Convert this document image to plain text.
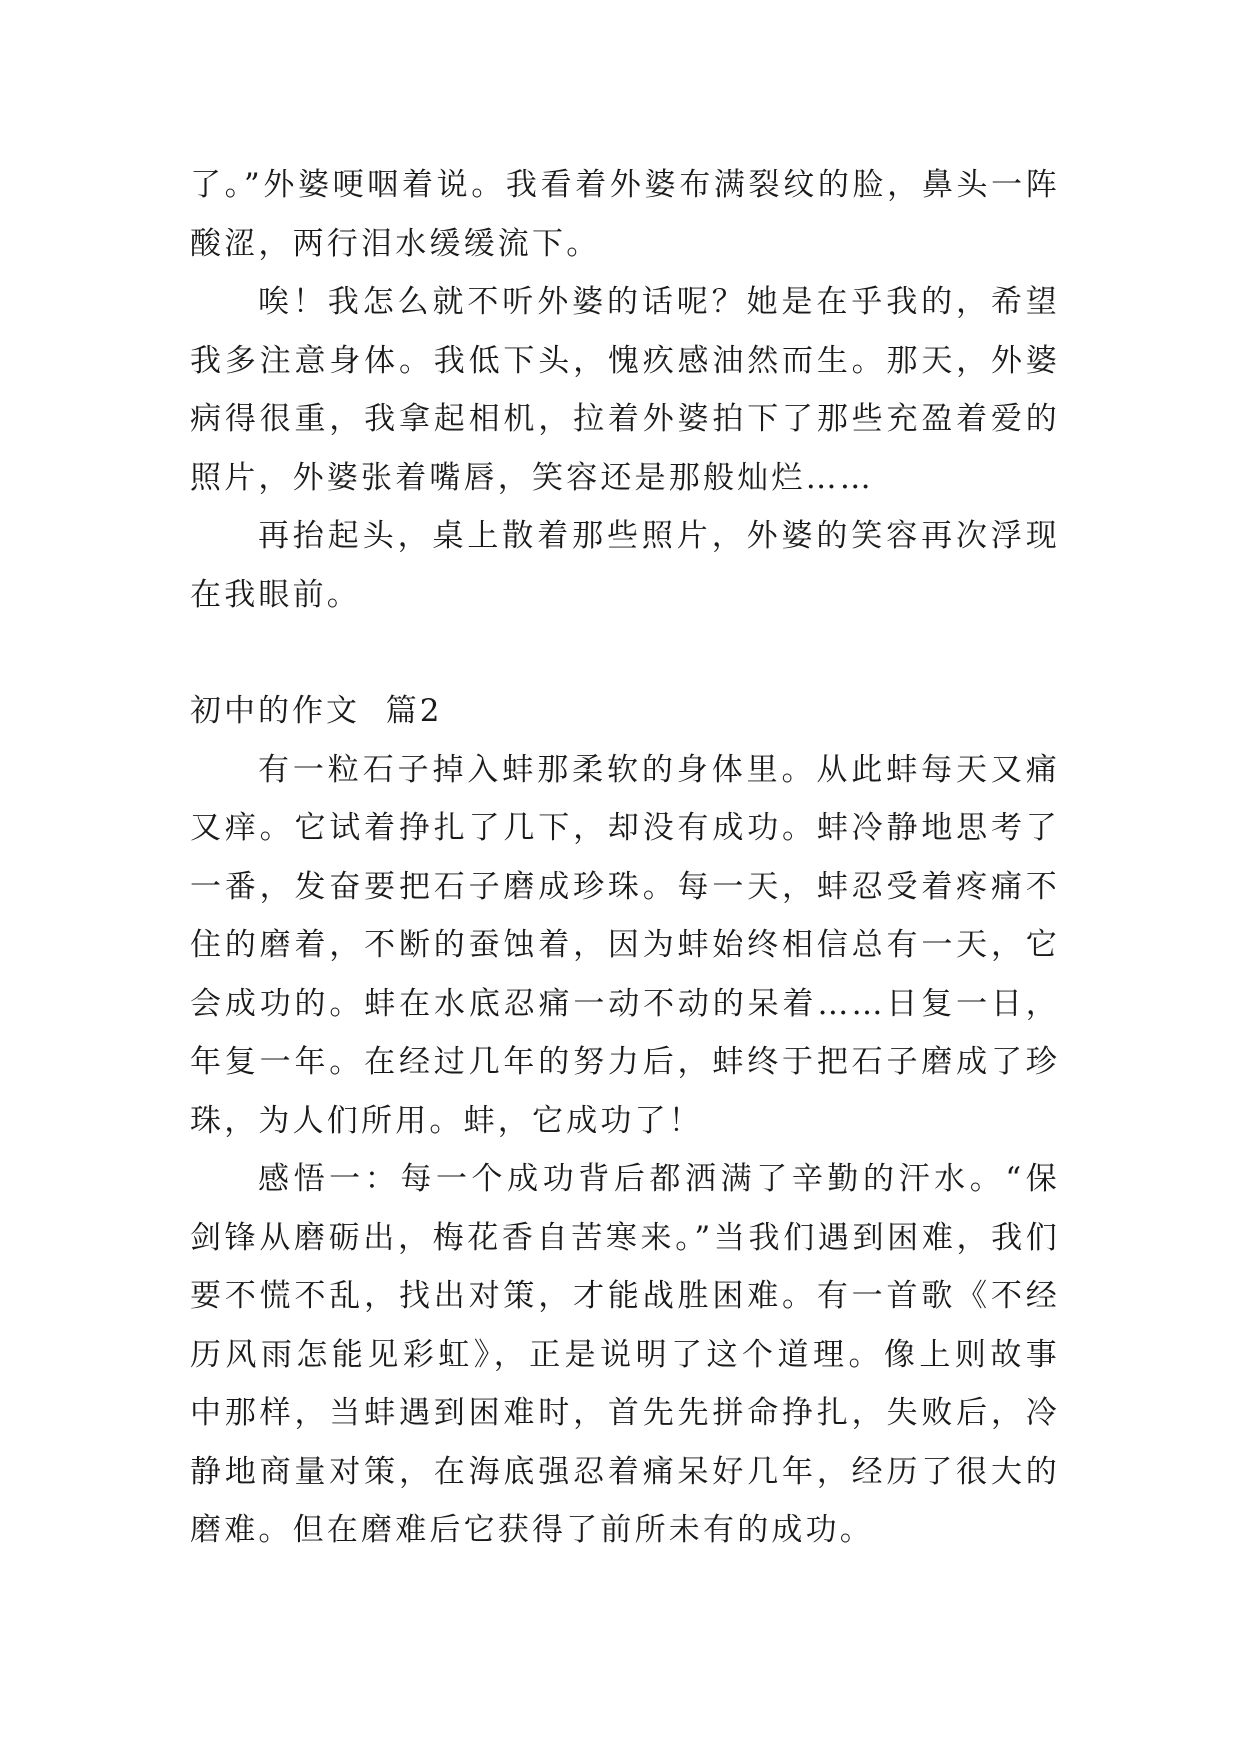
了。”外婆哽咽着说。我看着外婆布满裂纹的脸，鼻头一阵酸涩，两行泪水缓缓流下。

唉！我怎么就不听外婆的话呢？她是在乎我的，希望我多注意身体。我低下头，愧疚感油然而生。那天，外婆病得很重，我拿起相机，拉着外婆拍下了那些充盈着爱的照片，外婆张着嘴唇，笑容还是那般灿烂……

再抬起头，桌上散着那些照片，外婆的笑容再次浮现在我眼前。

初中的作文  篇2

有一粒石子掉入蚌那柔软的身体里。从此蚌每天又痛又痒。它试着挣扎了几下，却没有成功。蚌冷静地思考了一番，发奋要把石子磨成珍珠。每一天，蚌忍受着疼痛不住的磨着，不断的蚕蚀着，因为蚌始终相信总有一天，它会成功的。蚌在水底忍痛一动不动的呆着……日复一日，年复一年。在经过几年的努力后，蚌终于把石子磨成了珍珠，为人们所用。蚌，它成功了！

感悟一：每一个成功背后都洒满了辛勤的汗水。“保剑锋从磨砺出，梅花香自苦寒来。”当我们遇到困难，我们要不慌不乱，找出对策，才能战胜困难。有一首歌《不经历风雨怎能见彩虹》，正是说明了这个道理。像上则故事中那样，当蚌遇到困难时，首先先拼命挣扎，失败后，冷静地商量对策，在海底强忍着痛呆好几年，经历了很大的磨难。但在磨难后它获得了前所未有的成功。
